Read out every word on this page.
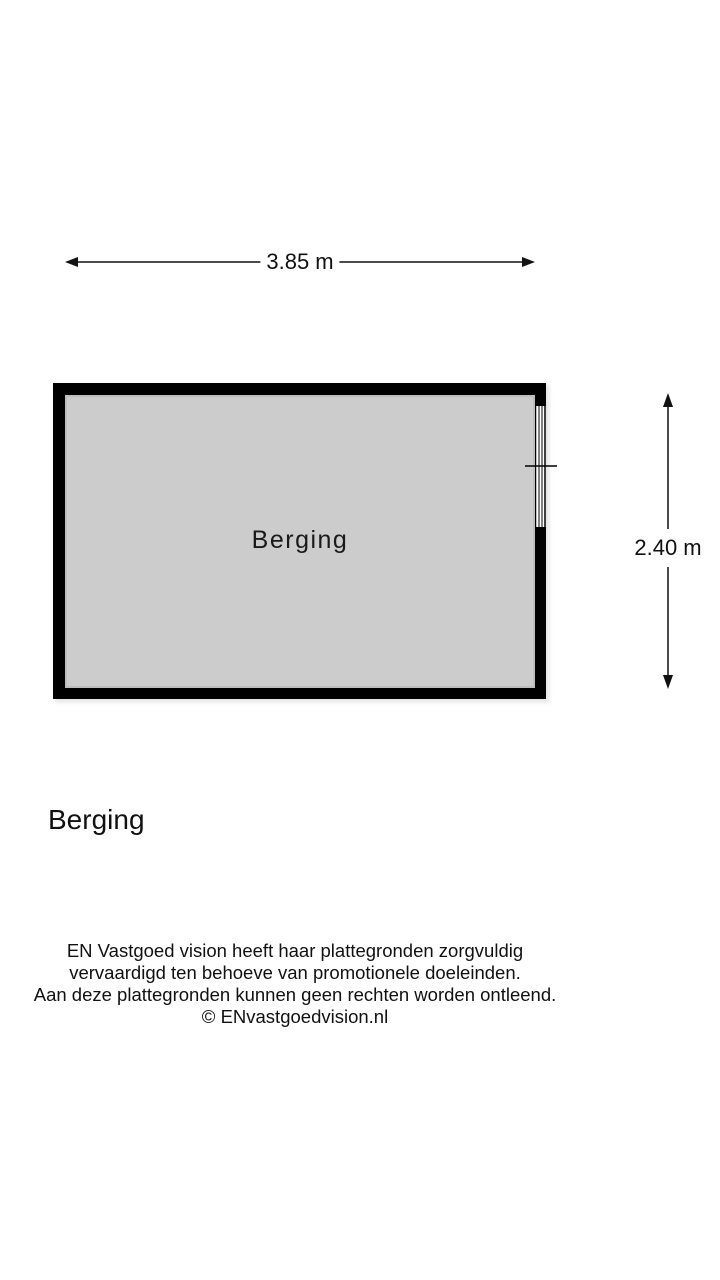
3.85 m
2.40 m
Berging
Berging
EN Vastgoed vision heeft haar plattegronden zorgvuldig
vervaardigd ten behoeve van promotionele doeleinden.
Aan deze plattegronden kunnen geen rechten worden ontleend.
© ENvastgoedvision.nl
